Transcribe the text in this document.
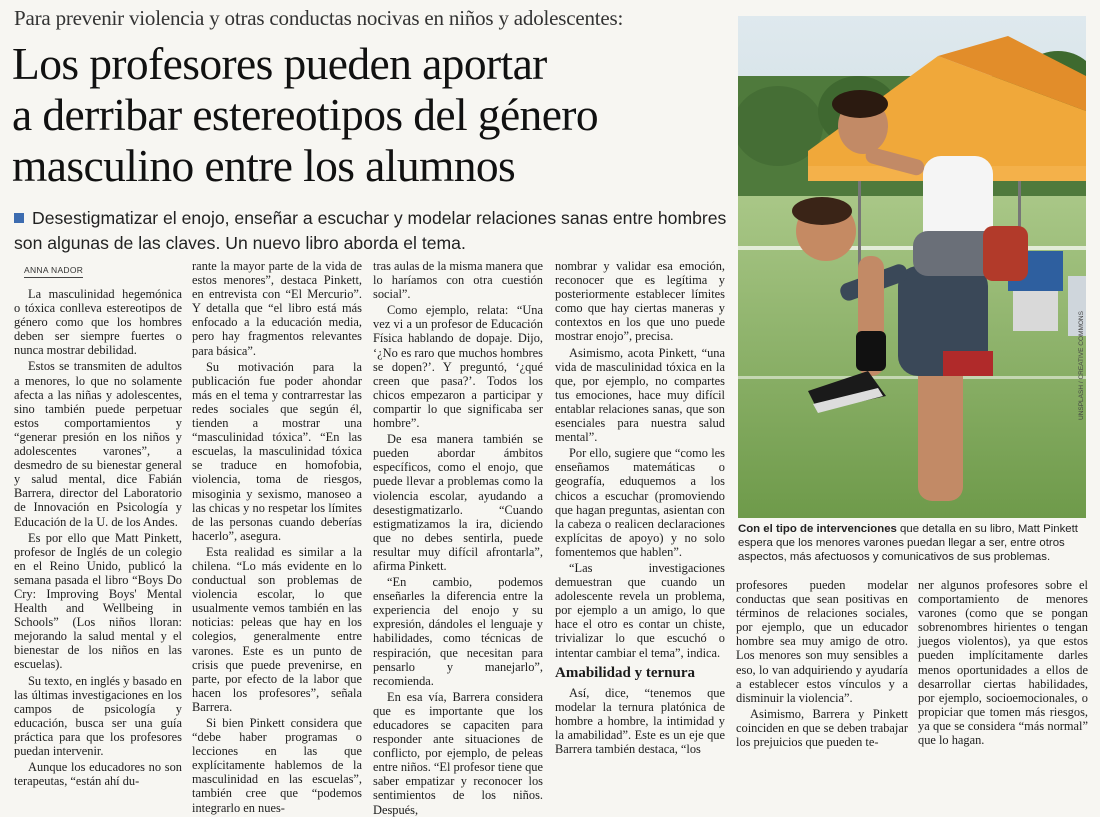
Para prevenir violencia y otras conductas nocivas en niños y adolescentes:
Los profesores pueden aportar
a derribar estereotipos del género
masculino entre los alumnos
Desestigmatizar el enojo, enseñar a escuchar y modelar relaciones sanas entre hombres son algunas de las claves. Un nuevo libro aborda el tema.
ANNA NADOR

La masculinidad hegemónica o tóxica conlleva estereotipos de género como que los hombres deben ser siempre fuertes o nunca mostrar debilidad.

Estos se transmiten de adultos a menores, lo que no solamente afecta a las niñas y adolescentes, sino también puede perpetuar estos comportamientos y “generar presión en los niños y adolescentes varones”, a desmedro de su bienestar general y salud mental, dice Fabián Barrera, director del Laboratorio de Innovación en Psicología y Educación de la U. de los Andes.

Es por ello que Matt Pinkett, profesor de Inglés de un colegio en el Reino Unido, publicó la semana pasada el libro “Boys Do Cry: Improving Boys' Mental Health and Wellbeing in Schools” (Los niños lloran: mejorando la salud mental y el bienestar de los niños en las escuelas).

Su texto, en inglés y basado en las últimas investigaciones en los campos de psicología y educación, busca ser una guía práctica para que los profesores puedan intervenir.

Aunque los educadores no son terapeutas, “están ahí du-

rante la mayor parte de la vida de estos menores”, destaca Pinkett, en entrevista con “El Mercurio”. Y detalla que “el libro está más enfocado a la educación media, pero hay fragmentos relevantes para básica”.

Su motivación para la publicación fue poder ahondar más en el tema y contrarrestar las redes sociales que según él, tienden a mostrar una “masculinidad tóxica”. “En las escuelas, la masculinidad tóxica se traduce en homofobia, violencia, toma de riesgos, misoginia y sexismo, manoseo a las chicas y no respetar los límites de las personas cuando deberías hacerlo”, asegura.

Esta realidad es similar a la chilena. “Lo más evidente en lo conductual son problemas de violencia escolar, lo que usualmente vemos también en las noticias: peleas que hay en los colegios, generalmente entre varones. Este es un punto de crisis que puede prevenirse, en parte, por efecto de la labor que hacen los profesores”, señala Barrera.

Si bien Pinkett considera que “debe haber programas o lecciones en las que explícitamente hablemos de la masculinidad en las escuelas”, también cree que “podemos integrarlo en nues-

tras aulas de la misma manera que lo haríamos con otra cuestión social”.

Como ejemplo, relata: “Una vez vi a un profesor de Educación Física hablando de dopaje. Dijo, ‘¿No es raro que muchos hombres se dopen?’. Y preguntó, ‘¿qué creen que pasa?’. Todos los chicos empezaron a participar y compartir lo que significaba ser hombre”.

De esa manera también se pueden abordar ámbitos específicos, como el enojo, que puede llevar a problemas como la violencia escolar, ayudando a desestigmatizarlo. “Cuando estigmatizamos la ira, diciendo que no debes sentirla, puede resultar muy difícil afrontarla”, afirma Pinkett.

“En cambio, podemos enseñarles la diferencia entre la experiencia del enojo y su expresión, dándoles el lenguaje y habilidades, como técnicas de respiración, que necesitan para pensarlo y manejarlo”, recomienda.

En esa vía, Barrera considera que es importante que los educadores se capaciten para responder ante situaciones de conflicto, por ejemplo, de peleas entre niños. “El profesor tiene que saber empatizar y reconocer los sentimientos de los niños. Después,

nombrar y validar esa emoción, reconocer que es legítima y posteriormente establecer límites como que hay ciertas maneras y contextos en los que uno puede mostrar enojo”, precisa.

Asimismo, acota Pinkett, “una vida de masculinidad tóxica en la que, por ejemplo, no compartes tus emociones, hace muy difícil entablar relaciones sanas, que son esenciales para nuestra salud mental”.

Por ello, sugiere que “como les enseñamos matemáticas o geografía, eduquemos a los chicos a escuchar (promoviendo que hagan preguntas, asientan con la cabeza o realicen declaraciones explícitas de apoyo) y no solo fomentemos que hablen”.

“Las investigaciones demuestran que cuando un adolescente revela un problema, por ejemplo a un amigo, lo que hace el otro es contar un chiste, trivializar lo que escuchó o intentar cambiar el tema”, indica.

Amabilidad y ternura

Así, dice, “tenemos que modelar la ternura platónica de hombre a hombre, la intimidad y la amabilidad”. Este es un eje que Barrera también destaca, “los

profesores pueden modelar conductas que sean positivas en términos de relaciones sociales, por ejemplo, que un educador hombre sea muy amigo de otro. Los menores son muy sensibles a eso, lo van adquiriendo y ayudaría a establecer estos vínculos y a disminuir la violencia”.

Asimismo, Barrera y Pinkett coinciden en que se deben trabajar los prejuicios que pueden te-

ner algunos profesores sobre el comportamiento de menores varones (como que se pongan sobrenombres hirientes o tengan juegos violentos), ya que estos pueden implícitamente darles menos oportunidades a ellos de desarrollar ciertas habilidades, por ejemplo, socioemocionales, o propiciar que tomen más riesgos, ya que se considera “más normal” que lo hagan.

UNSPLASH / CREATIVE COMMONS
Con el tipo de intervenciones que detalla en su libro, Matt Pinkett espera que los menores varones puedan llegar a ser, entre otros aspectos, más afectuosos y comunicativos de sus problemas.
